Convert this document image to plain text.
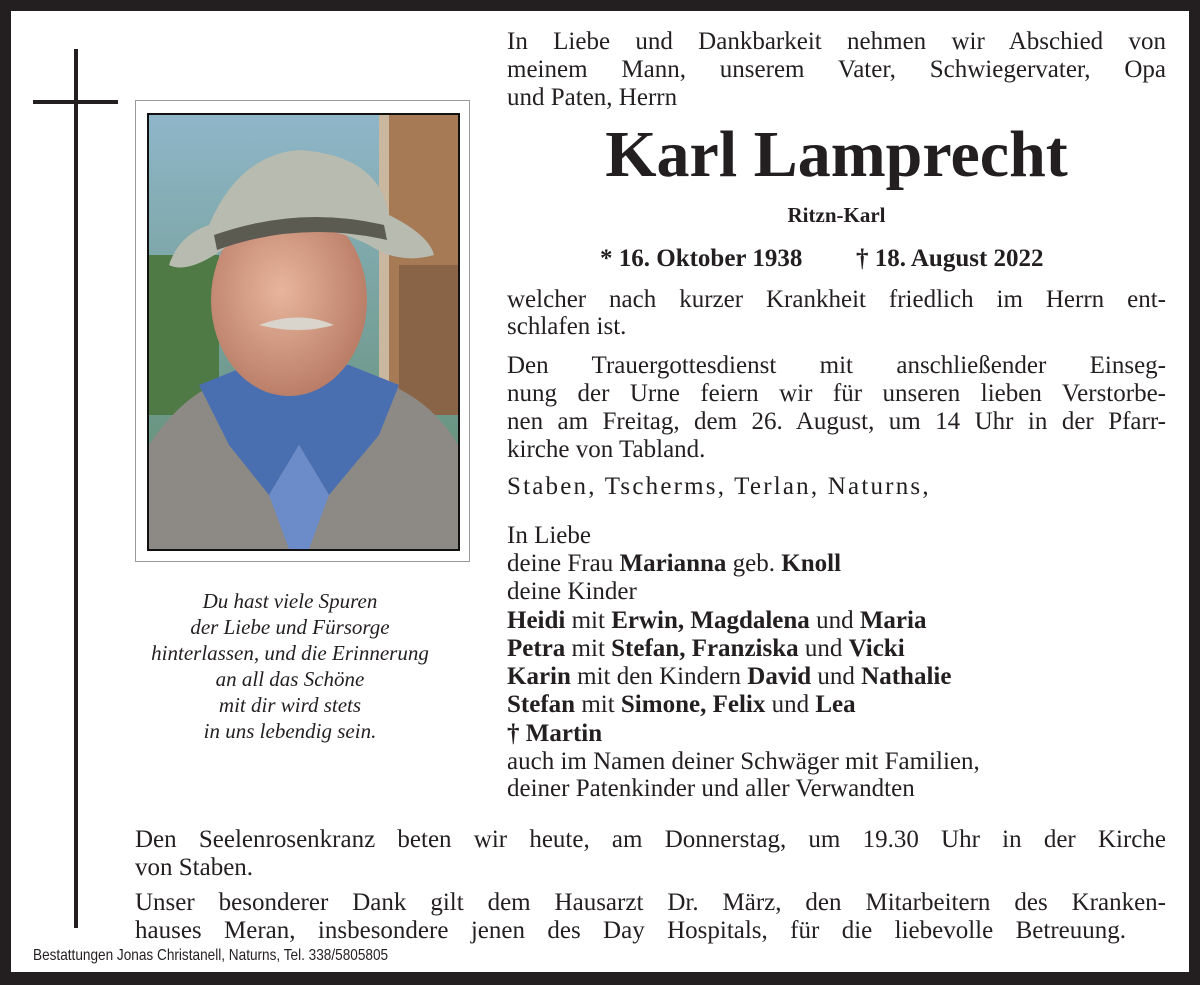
Du hast viele Spuren
der Liebe und Fürsorge
hinterlassen, und die Erinnerung
an all das Schöne
mit dir wird stets
in uns lebendig sein.
In Liebe und Dankbarkeit nehmen wir Abschied von
meinem Mann, unserem Vater, Schwiegervater, Opa
und Paten, Herrn
Karl Lamprecht
Ritzn-Karl
* 16. Oktober 1938 † 18. August 2022
welcher nach kurzer Krankheit friedlich im Herrn ent-
schlafen ist.
Den Trauergottesdienst mit anschließender Einseg-
nung der Urne feiern wir für unseren lieben Verstorbe-
nen am Freitag, dem 26. August, um 14 Uhr in der Pfarr-
kirche von Tabland.
Staben, Tscherms, Terlan, Naturns,
In Liebe
deine Frau Marianna geb. Knoll
deine Kinder
Heidi mit Erwin, Magdalena und Maria
Petra mit Stefan, Franziska und Vicki
Karin mit den Kindern David und Nathalie
Stefan mit Simone, Felix und Lea
† Martin
auch im Namen deiner Schwäger mit Familien,
deiner Patenkinder und aller Verwandten
Den Seelenrosenkranz beten wir heute, am Donnerstag, um 19.30 Uhr in der Kirche
von Staben.
Unser besonderer Dank gilt dem Hausarzt Dr. März, den Mitarbeitern des Kranken-
hauses Meran, insbesondere jenen des Day Hospitals, für die liebevolle Betreuung.
Bestattungen Jonas Christanell, Naturns, Tel. 338/5805805
